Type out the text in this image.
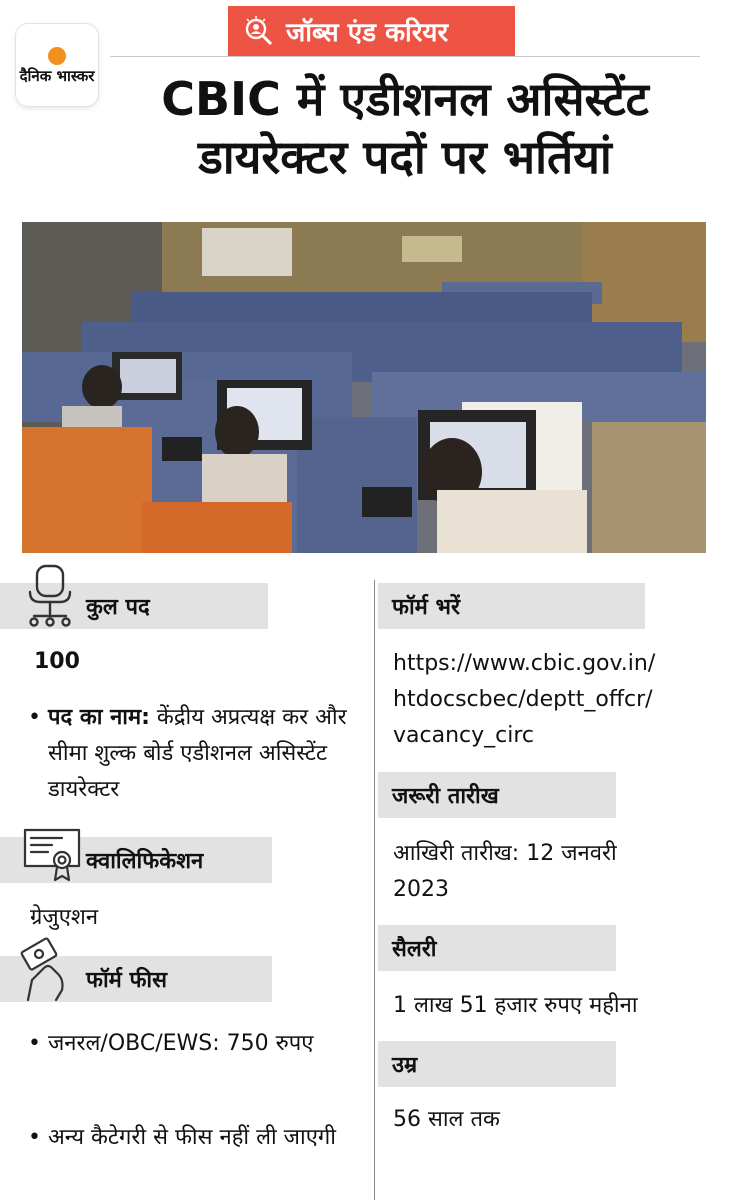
दैनिक भास्कर
जॉब्स एंड करियर
CBIC में एडीशनल असिस्टेंट
डायरेक्टर पदों पर भर्तियां
कुल पद
100
• पद का नाम: केंद्रीय अप्रत्यक्ष कर और सीमा शुल्क बोर्ड एडीशनल असिस्टेंट डायरेक्टर
क्वालिफिकेशन
ग्रेजुएशन
फॉर्म फीस
• जनरल/OBC/EWS: 750 रुपए
• अन्य कैटेगरी से फीस नहीं ली जाएगी
फॉर्म भरें
https://www.cbic.gov.in/
htdocscbec/deptt_offcr/
vacancy_circ
जरूरी तारीख
आखिरी तारीख: 12 जनवरी
2023
सैलरी
1 लाख 51 हजार रुपए महीना
उम्र
56 साल तक
